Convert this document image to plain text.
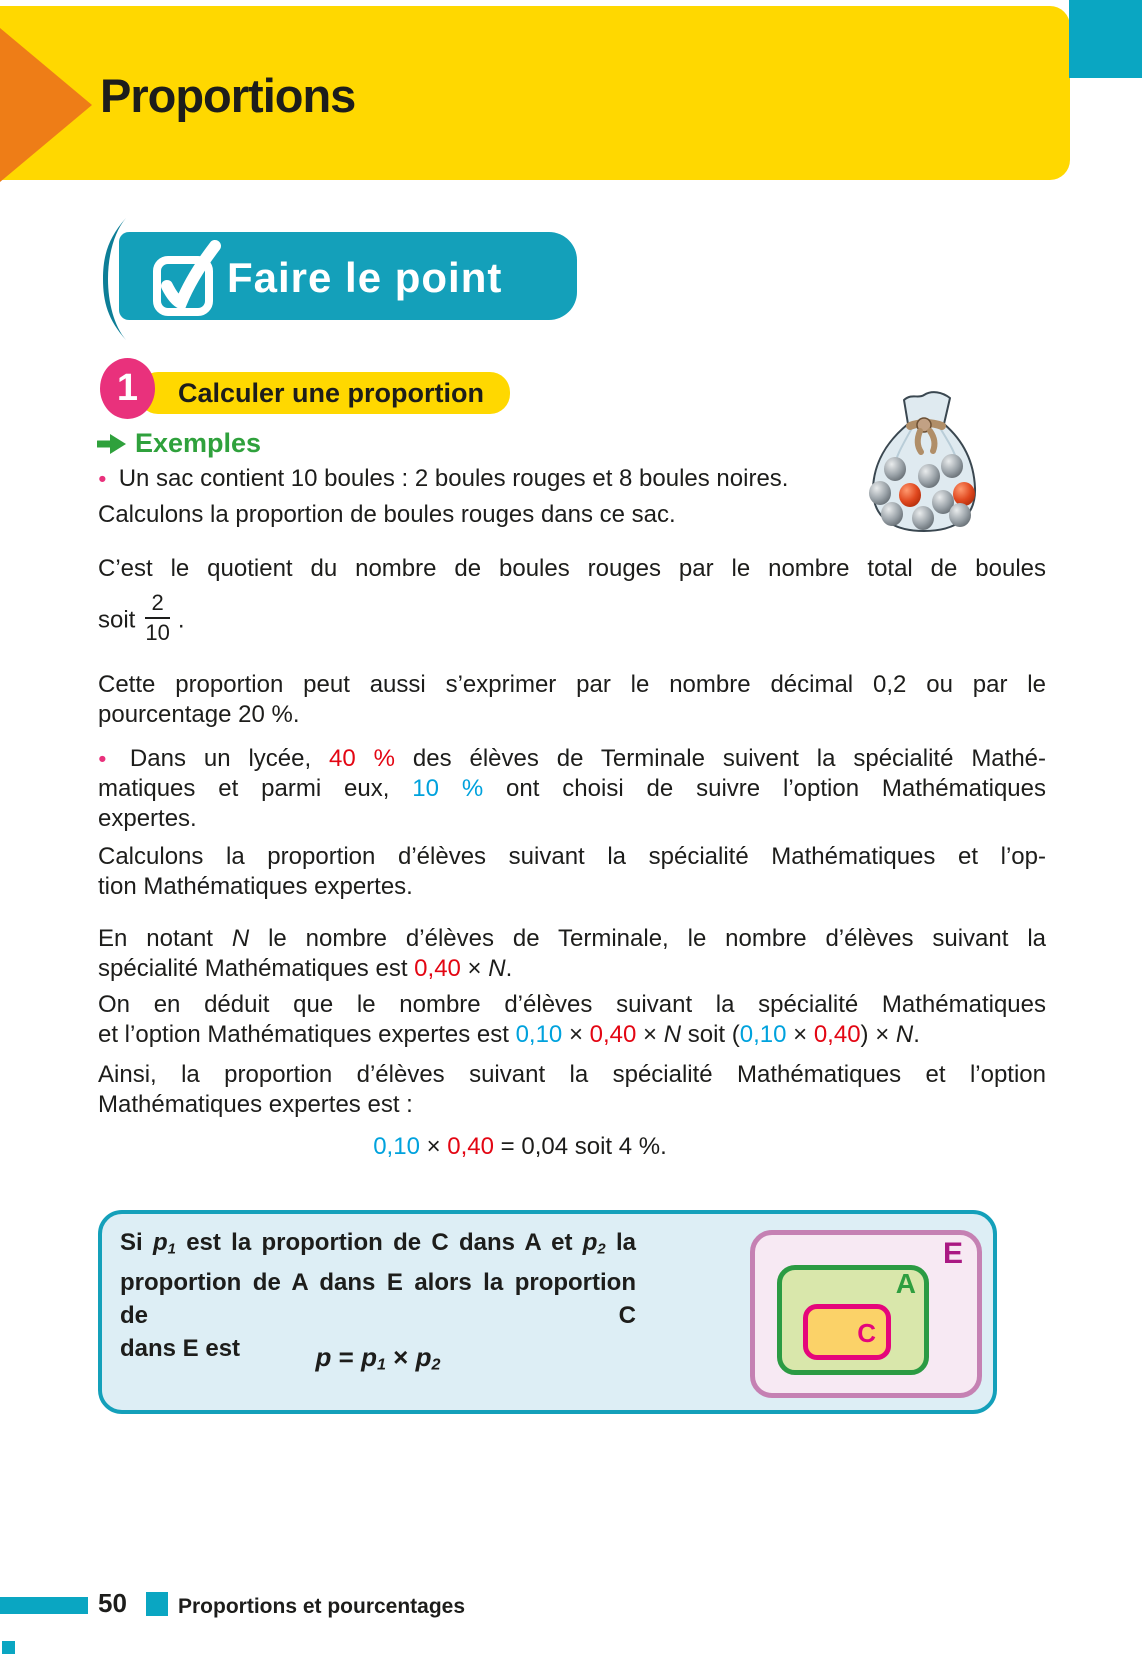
Proportions
Faire le point
Calculer une proportion
1
Exemples
● Un sac contient 10 boules : 2 boules rouges et 8 boules noires.
Calculons la proportion de boules rouges dans ce sac.
C’est le quotient du nombre de boules rouges par le nombre total de boules
soit $\frac{2}{10}$ .
Cette proportion peut aussi s’exprimer par le nombre décimal 0,2 ou par le
pourcentage 20 %.
● Dans un lycée, 40 % des élèves de Terminale suivent la spécialité Mathé-
matiques et parmi eux, 10 % ont choisi de suivre l’option Mathématiques
expertes.
Calculons la proportion d’élèves suivant la spécialité Mathématiques et l’op-
tion Mathématiques expertes.
En notant N le nombre d’élèves de Terminale, le nombre d’élèves suivant la
spécialité Mathématiques est 0,40 × N.
On en déduit que le nombre d’élèves suivant la spécialité Mathématiques
et l’option Mathématiques expertes est 0,10 × 0,40 × N soit (0,10 × 0,40) × N.
Ainsi, la proportion d’élèves suivant la spécialité Mathématiques et l’option
Mathématiques expertes est :
0,10 × 0,40 = 0,04 soit 4 %.
Si $p_1$ est la proportion de C dans A et $p_2$ la
proportion de A dans E alors la proportion de C
dans E est	$p = p_1 \times p_2$
E
A
C
50 Proportions et pourcentages
